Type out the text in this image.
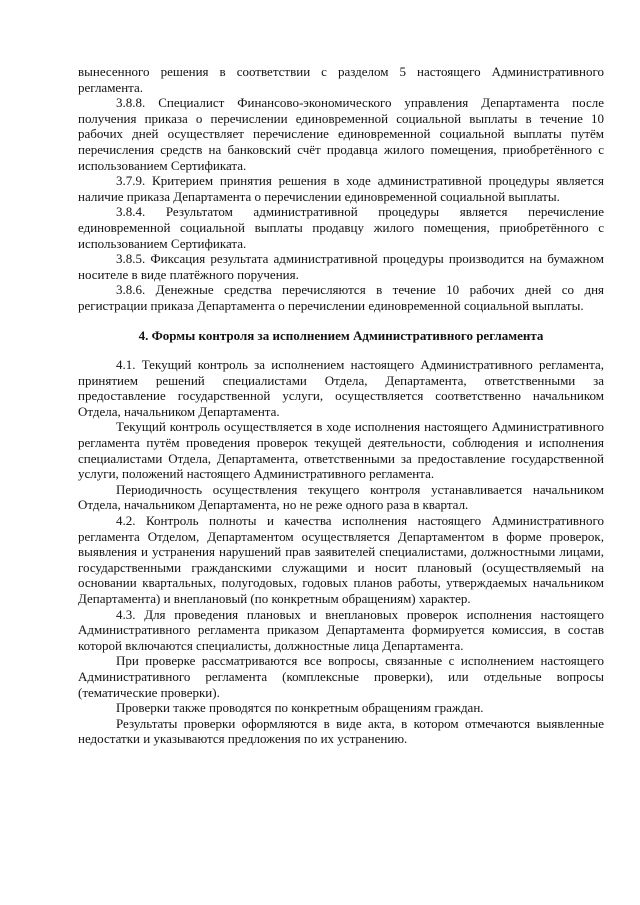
вынесенного решения в соответствии с разделом 5 настоящего Административного регламента.

3.8.8. Специалист Финансово-экономического управления Департамента после получения приказа о перечислении единовременной социальной выплаты в течение 10 рабочих дней осуществляет перечисление единовременной социальной выплаты путём перечисления средств на банковский счёт продавца жилого помещения, приобретённого с использованием Сертификата.

3.7.9. Критерием принятия решения в ходе административной процедуры является наличие приказа Департамента о перечислении единовременной социальной выплаты.

3.8.4. Результатом административной процедуры является перечисление единовременной социальной выплаты продавцу жилого помещения, приобретённого с использованием Сертификата.

3.8.5. Фиксация результата административной процедуры производится на бумажном носителе в виде платёжного поручения.

3.8.6. Денежные средства перечисляются в течение 10 рабочих дней со дня регистрации приказа Департамента о перечислении единовременной социальной выплаты.

4. Формы контроля за исполнением Административного регламента

4.1. Текущий контроль за исполнением настоящего Административного регламента, принятием решений специалистами Отдела, Департамента, ответственными за предоставление государственной услуги, осуществляется соответственно начальником Отдела, начальником Департамента.

Текущий контроль осуществляется в ходе исполнения настоящего Административного регламента путём проведения проверок текущей деятельности, соблюдения и исполнения специалистами Отдела, Департамента, ответственными за предоставление государственной услуги, положений настоящего Административного регламента.

Периодичность осуществления текущего контроля устанавливается начальником Отдела, начальником Департамента, но не реже одного раза в квартал.

4.2. Контроль полноты и качества исполнения настоящего Административного регламента Отделом, Департаментом осуществляется Департаментом в форме проверок, выявления и устранения нарушений прав заявителей специалистами, должностными лицами, государственными гражданскими служащими и носит плановый (осуществляемый на основании квартальных, полугодовых, годовых планов работы, утверждаемых начальником Департамента) и внеплановый (по конкретным обращениям) характер.

4.3. Для проведения плановых и внеплановых проверок исполнения настоящего Административного регламента приказом Департамента формируется комиссия, в состав которой включаются специалисты, должностные лица Департамента.

При проверке рассматриваются все вопросы, связанные с исполнением настоящего Административного регламента (комплексные проверки), или отдельные вопросы (тематические проверки).

Проверки также проводятся по конкретным обращениям граждан.

Результаты проверки оформляются в виде акта, в котором отмечаются выявленные недостатки и указываются предложения по их устранению.
